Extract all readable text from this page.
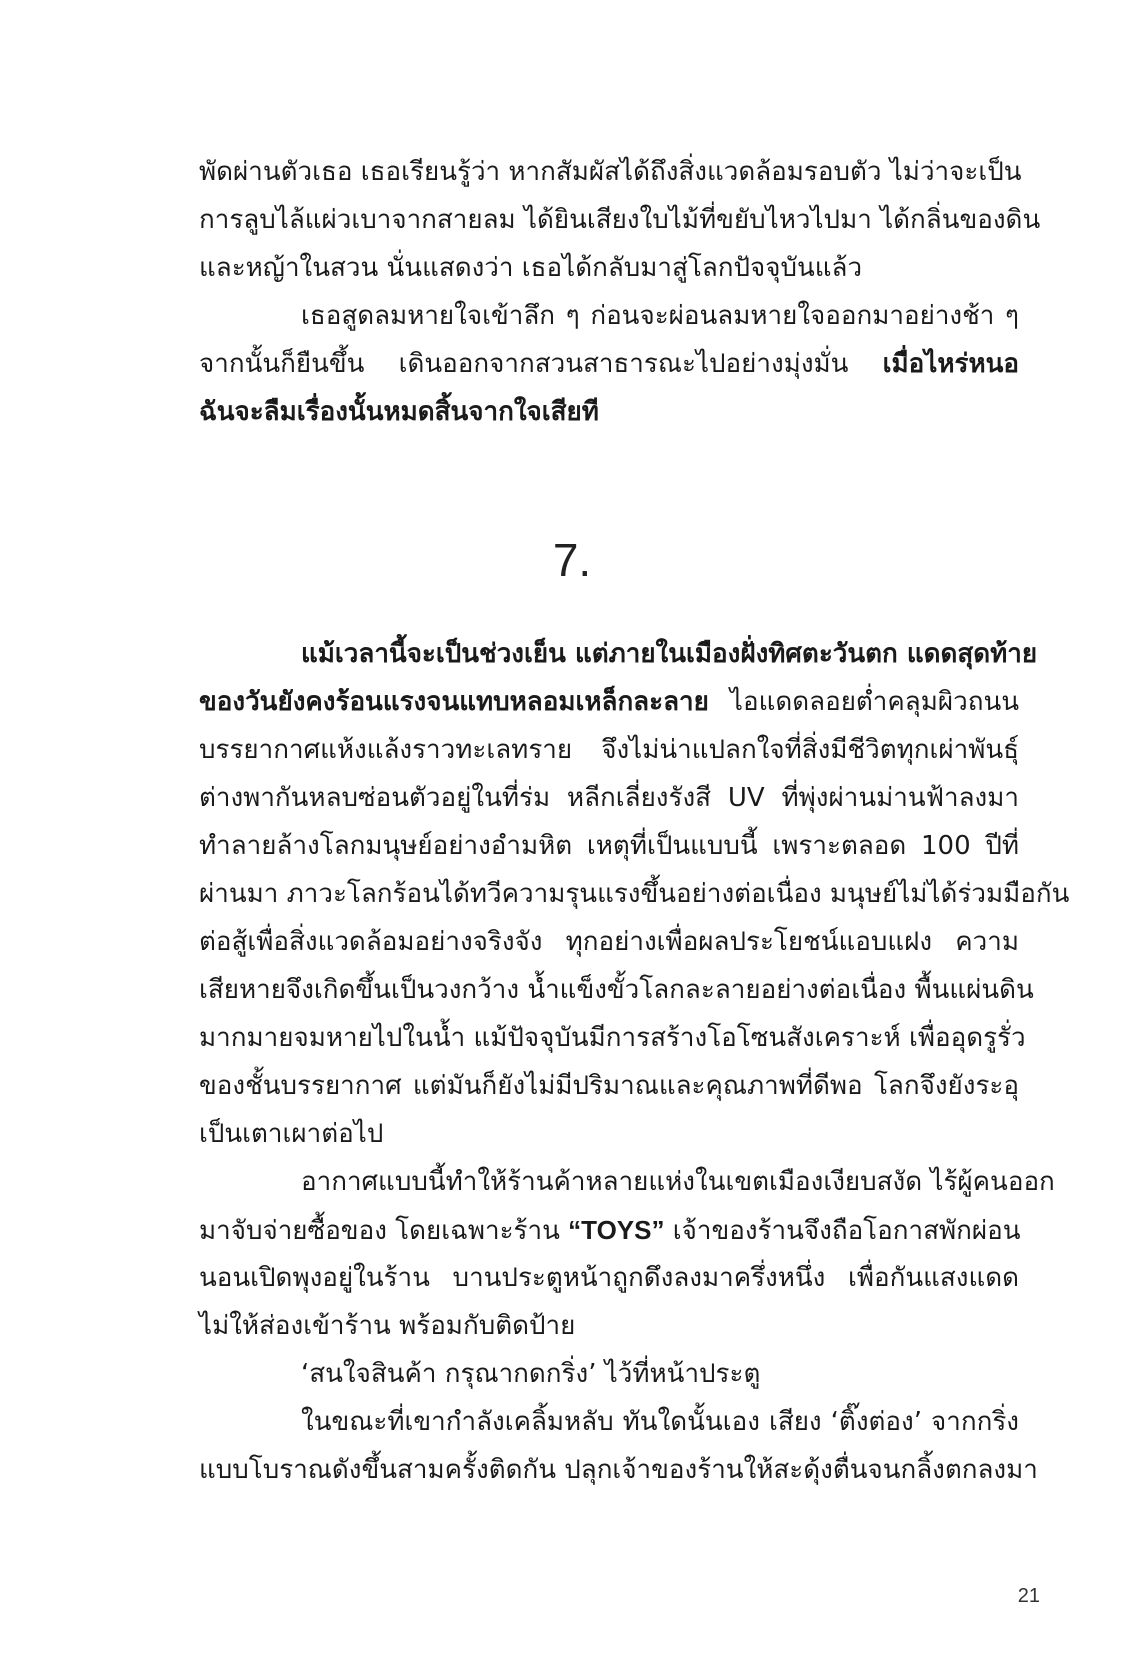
พัดผ่านตัวเธอ เธอเรียนรู้ว่า หากสัมผัสได้ถึงสิ่งแวดล้อมรอบตัว ไม่ว่าจะเป็น
การลูบไล้แผ่วเบาจากสายลม ได้ยินเสียงใบไม้ที่ขยับไหวไปมา ได้กลิ่นของดิน
และหญ้าในสวน นั่นแสดงว่า เธอได้กลับมาสู่โลกปัจจุบันแล้ว
เธอสูดลมหายใจเข้าลึก ๆ ก่อนจะผ่อนลมหายใจออกมาอย่างช้า ๆ
จากนั้นก็ยืนขึ้น เดินออกจากสวนสาธารณะไปอย่างมุ่งมั่น เมื่อไหร่หนอ
ฉันจะลืมเรื่องนั้นหมดสิ้นจากใจเสียที
7.
แม้เวลานี้จะเป็นช่วงเย็น แต่ภายในเมืองฝั่งทิศตะวันตก แดดสุดท้าย
ของวันยังคงร้อนแรงจนแทบหลอมเหล็กละลาย ไอแดดลอยต่ำคลุมผิวถนน
บรรยากาศแห้งแล้งราวทะเลทราย จึงไม่น่าแปลกใจที่สิ่งมีชีวิตทุกเผ่าพันธุ์
ต่างพากันหลบซ่อนตัวอยู่ในที่ร่ม หลีกเลี่ยงรังสี UV ที่พุ่งผ่านม่านฟ้าลงมา
ทำลายล้างโลกมนุษย์อย่างอำมหิต เหตุที่เป็นแบบนี้ เพราะตลอด 100 ปีที่
ผ่านมา ภาวะโลกร้อนได้ทวีความรุนแรงขึ้นอย่างต่อเนื่อง มนุษย์ไม่ได้ร่วมมือกัน
ต่อสู้เพื่อสิ่งแวดล้อมอย่างจริงจัง ทุกอย่างเพื่อผลประโยชน์แอบแฝง ความ
เสียหายจึงเกิดขึ้นเป็นวงกว้าง น้ำแข็งขั้วโลกละลายอย่างต่อเนื่อง พื้นแผ่นดิน
มากมายจมหายไปในน้ำ แม้ปัจจุบันมีการสร้างโอโซนสังเคราะห์ เพื่ออุดรูรั่ว
ของชั้นบรรยากาศ แต่มันก็ยังไม่มีปริมาณและคุณภาพที่ดีพอ โลกจึงยังระอุ
เป็นเตาเผาต่อไป
อากาศแบบนี้ทำให้ร้านค้าหลายแห่งในเขตเมืองเงียบสงัด ไร้ผู้คนออก
มาจับจ่ายซื้อของ โดยเฉพาะร้าน “TOYS” เจ้าของร้านจึงถือโอกาสพักผ่อน
นอนเปิดพุงอยู่ในร้าน บานประตูหน้าถูกดึงลงมาครึ่งหนึ่ง เพื่อกันแสงแดด
ไม่ให้ส่องเข้าร้าน พร้อมกับติดป้าย
‘สนใจสินค้า กรุณากดกริ่ง’ ไว้ที่หน้าประตู
ในขณะที่เขากำลังเคลิ้มหลับ ทันใดนั้นเอง เสียง ‘ติ๊งต่อง’ จากกริ่ง
แบบโบราณดังขึ้นสามครั้งติดกัน ปลุกเจ้าของร้านให้สะดุ้งตื่นจนกลิ้งตกลงมา
21
